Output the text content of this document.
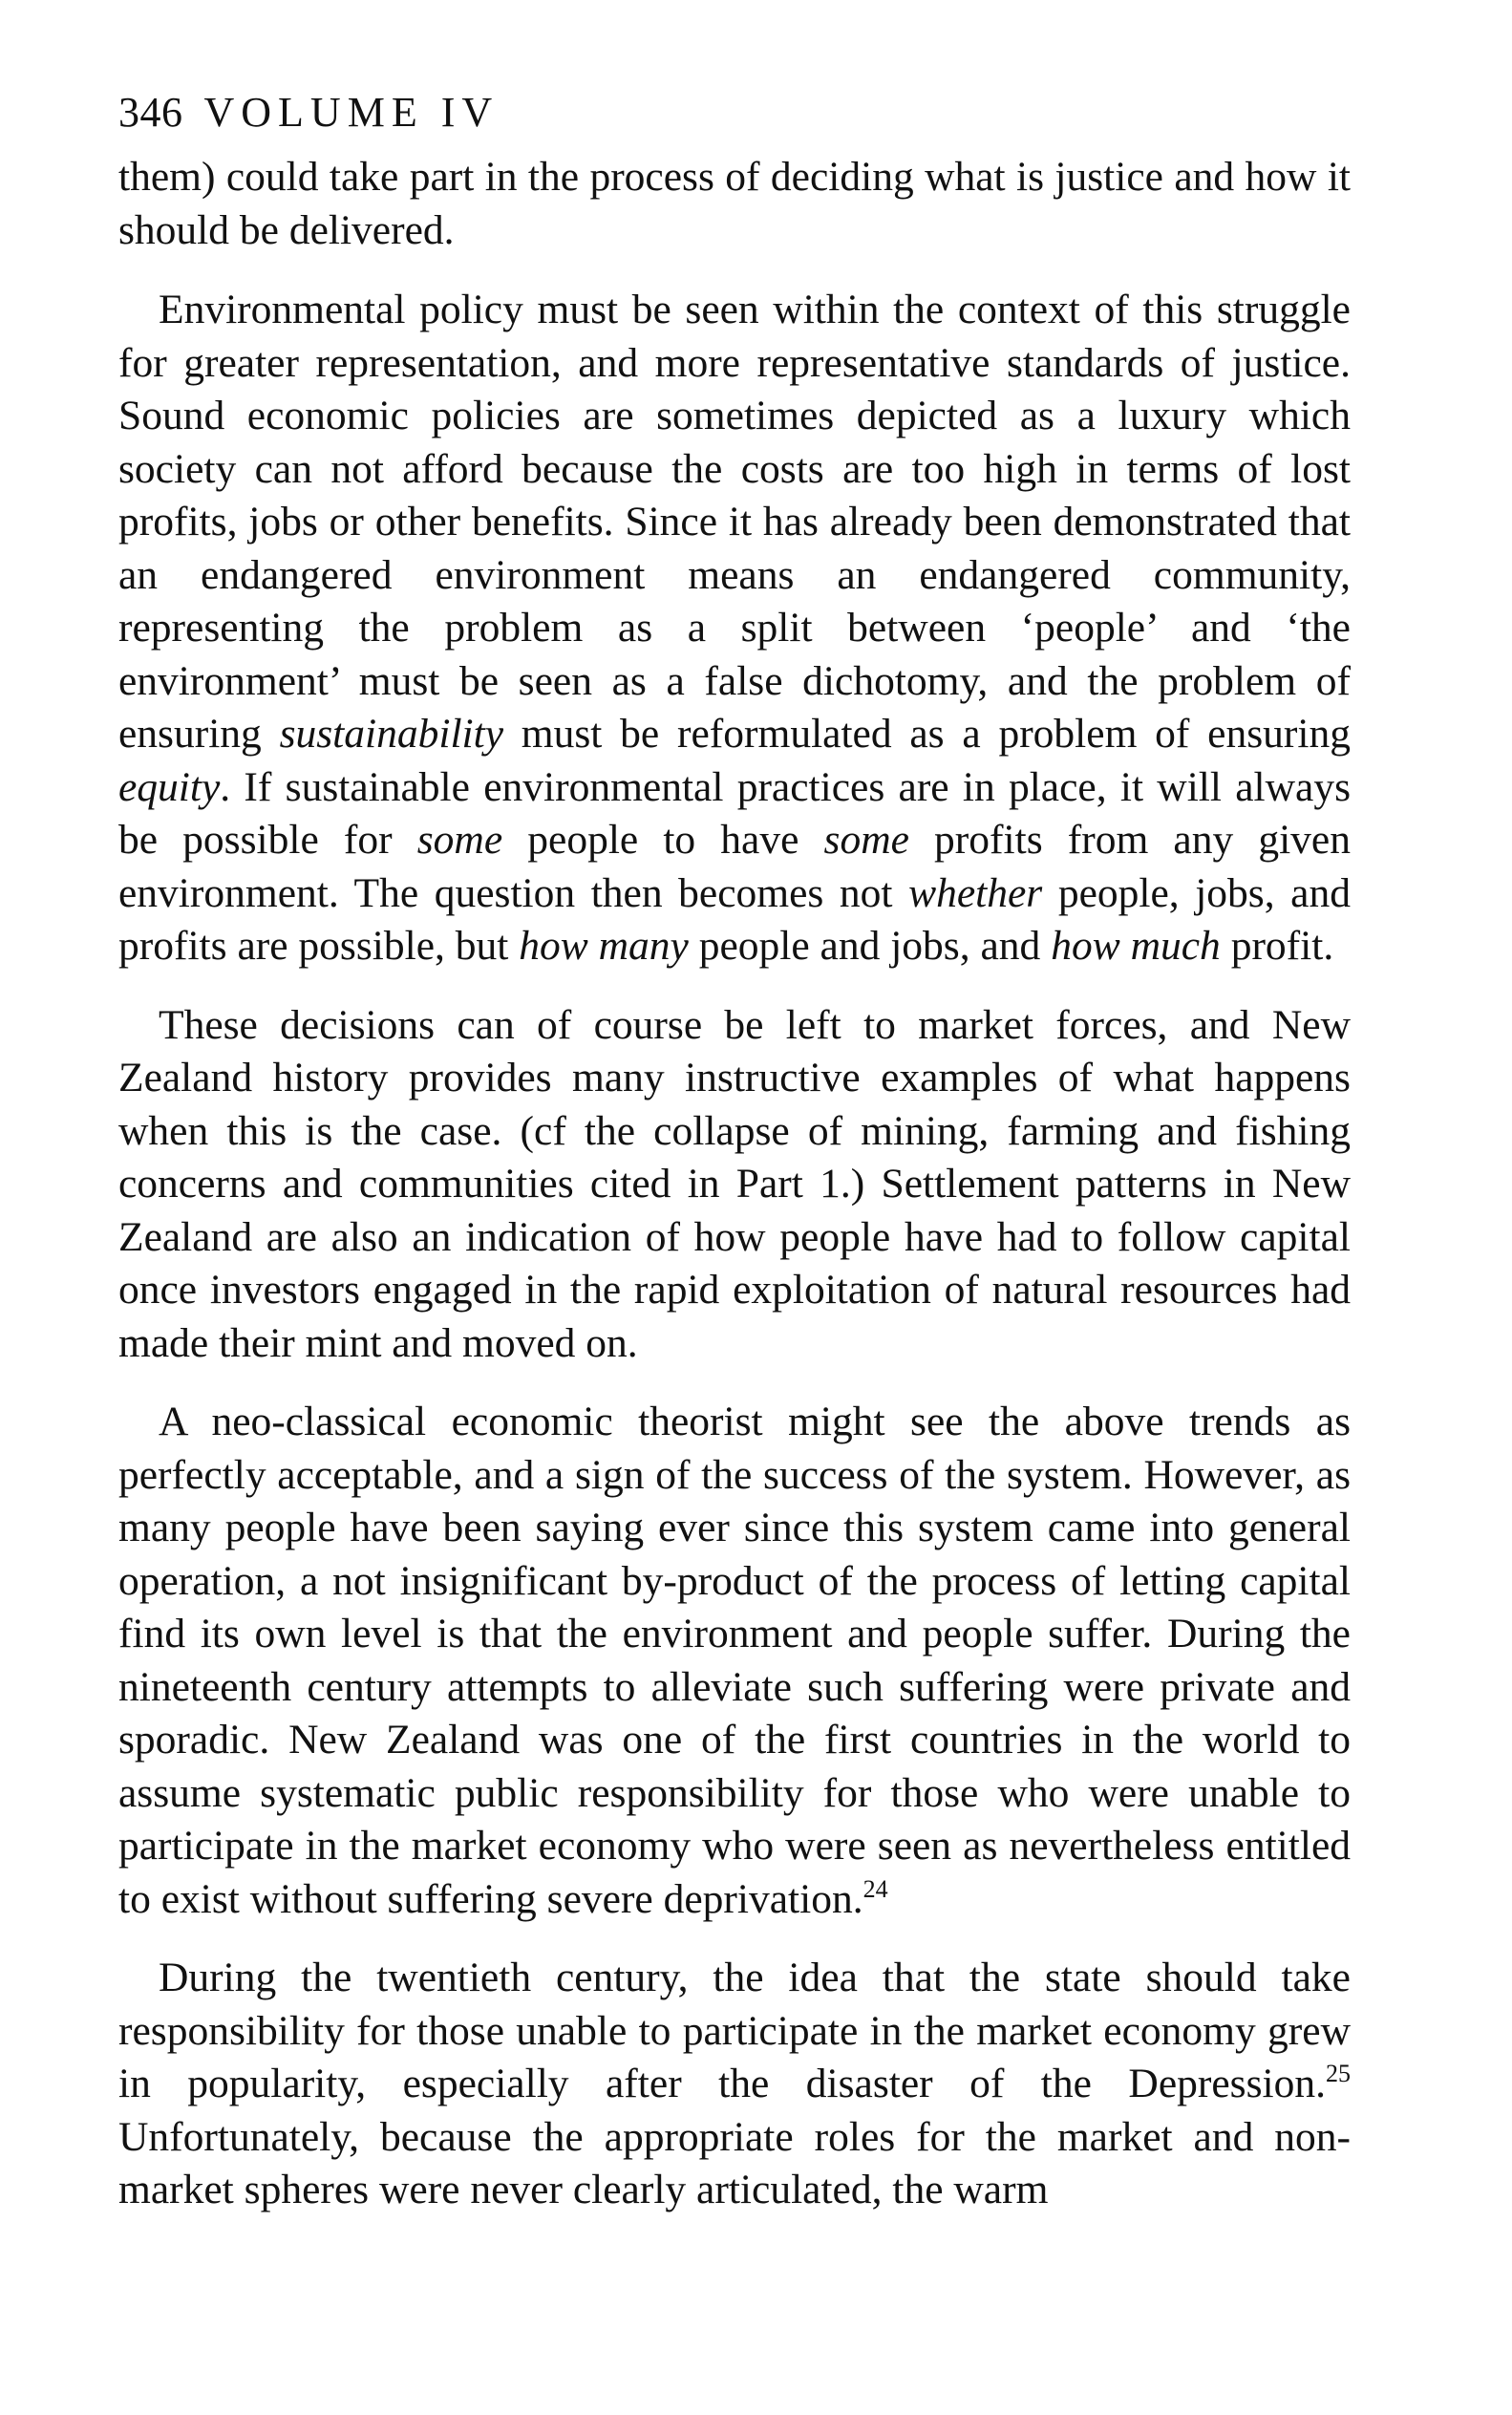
346 VOLUME IV

them) could take part in the process of deciding what is justice and how it should be delivered.

Environmental policy must be seen within the context of this struggle for greater representation, and more representative standards of justice. Sound economic policies are sometimes depicted as a luxury which society can not afford because the costs are too high in terms of lost profits, jobs or other benefits. Since it has already been demonstrated that an endangered environment means an endangered community, representing the problem as a split between ‘people’ and ‘the environment’ must be seen as a false dichotomy, and the problem of ensuring sustainability must be reformulated as a problem of ensuring equity. If sustainable environmental practices are in place, it will always be possible for some people to have some profits from any given environment. The question then becomes not whether people, jobs, and profits are possible, but how many people and jobs, and how much profit.

These decisions can of course be left to market forces, and New Zealand history provides many instructive examples of what happens when this is the case. (cf the collapse of mining, farming and fishing concerns and communities cited in Part 1.) Settlement patterns in New Zealand are also an indication of how people have had to follow capital once investors engaged in the rapid exploitation of natural resources had made their mint and moved on.

A neo-classical economic theorist might see the above trends as perfectly acceptable, and a sign of the success of the system. However, as many people have been saying ever since this system came into general operation, a not insignificant by-product of the process of letting capital find its own level is that the environment and people suffer. During the nineteenth century attempts to alleviate such suffering were private and sporadic. New Zealand was one of the first countries in the world to assume systematic public responsibility for those who were unable to participate in the market economy who were seen as nevertheless entitled to exist without suffering severe deprivation.$^{24}$

During the twentieth century, the idea that the state should take responsibility for those unable to participate in the market economy grew in popularity, especially after the disaster of the Depression.$^{25}$ Unfortunately, because the appropriate roles for the market and non-market spheres were never clearly articulated, the warm
